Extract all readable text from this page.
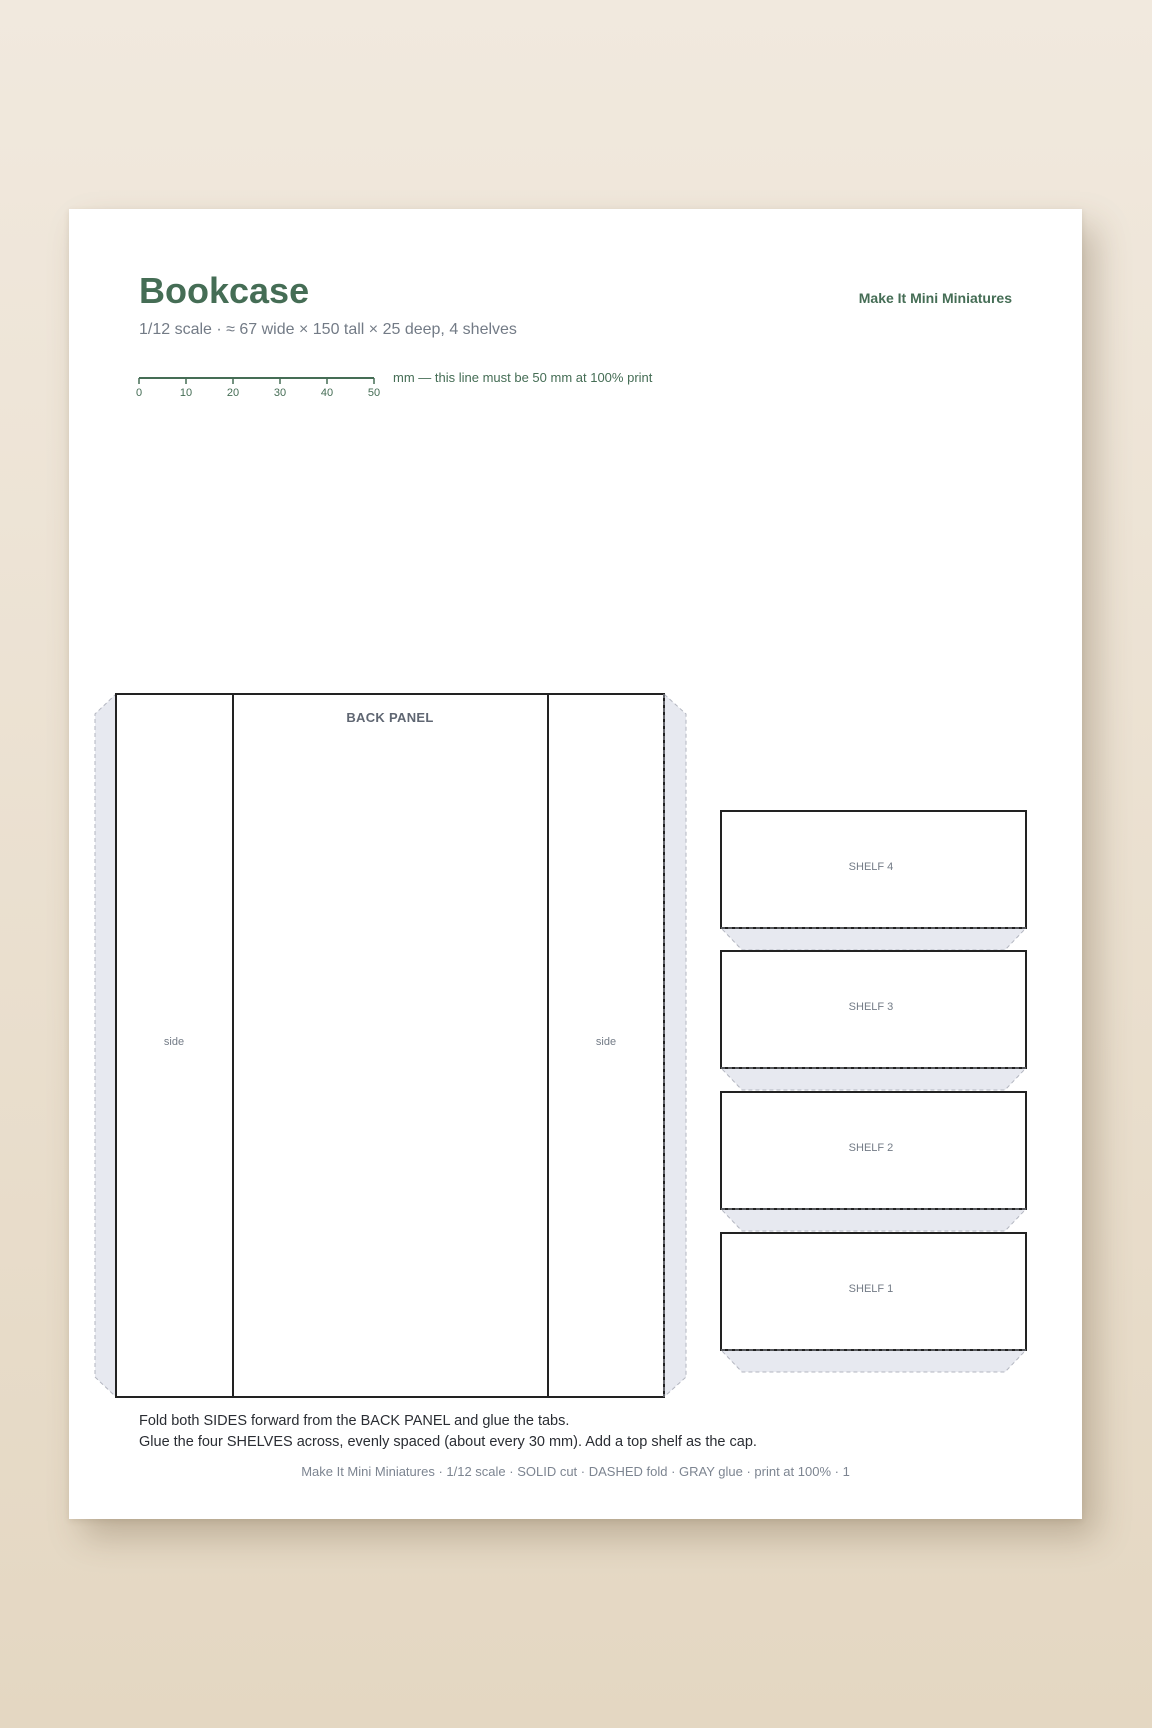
Bookcase	Make It Mini Miniatures
1/12 scale · ≈ 67 wide × 150 tall × 25 deep, 4 shelves
0	10	20	30	40	50
mm — this line must be 50 mm at 100% print
BACK PANEL
side	side
SHELF 4
SHELF 3
SHELF 2
SHELF 1
Fold both SIDES forward from the BACK PANEL and glue the tabs.
Glue the four SHELVES across, evenly spaced (about every 30 mm). Add a top shelf as the cap.
Make It Mini Miniatures · 1/12 scale · SOLID cut · DASHED fold · GRAY glue · print at 100% · 1
